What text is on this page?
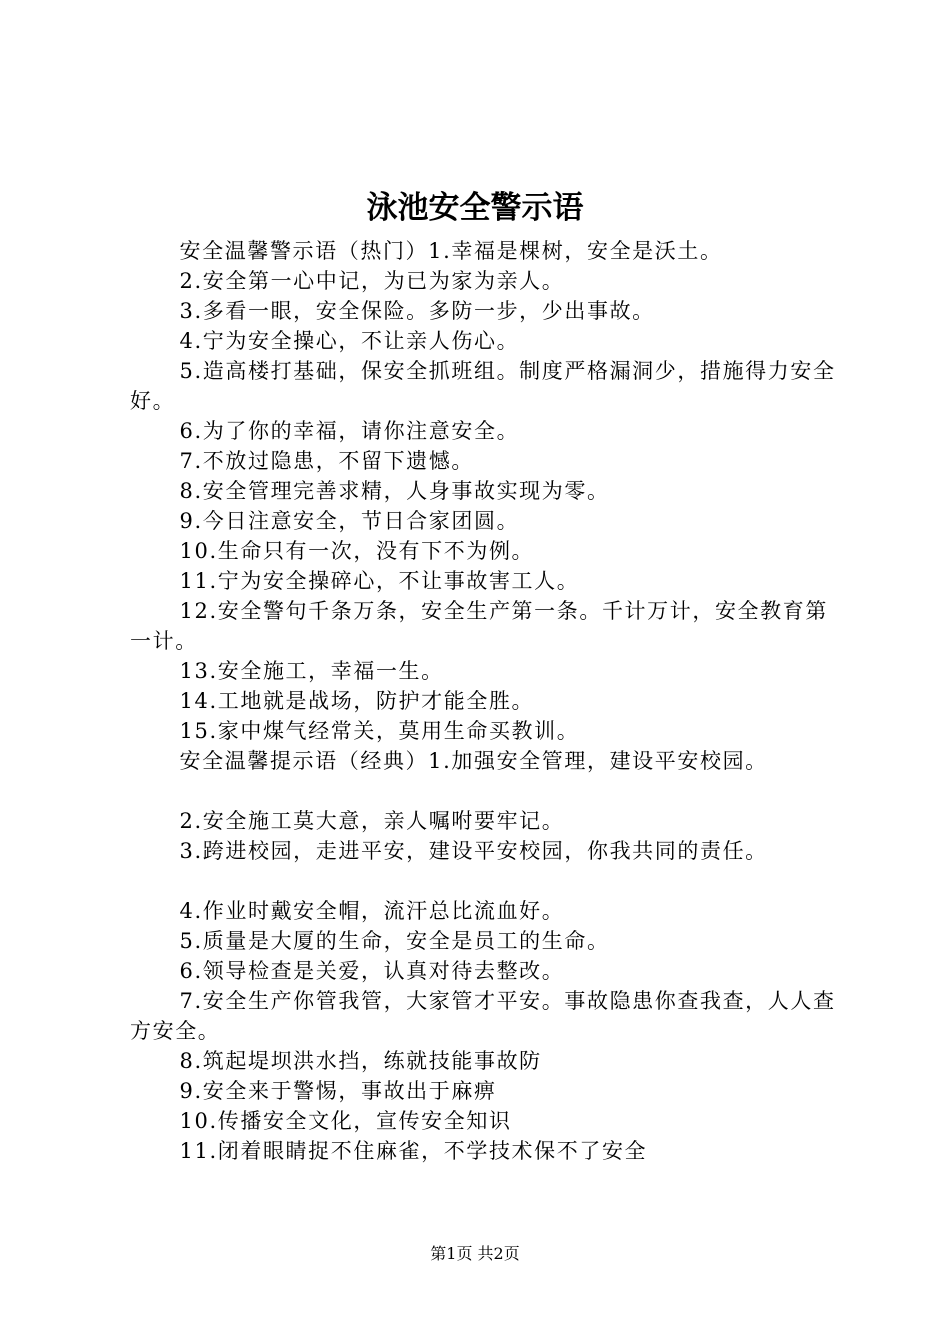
泳池安全警示语

安全温馨警示语（热门）1.幸福是棵树，安全是沃土。

2.安全第一心中记，为已为家为亲人。

3.多看一眼，安全保险。多防一步，少出事故。

4.宁为安全操心，不让亲人伤心。

5.造高楼打基础，保安全抓班组。制度严格漏洞少，措施得力安全好。

6.为了你的幸福，请你注意安全。

7.不放过隐患，不留下遗憾。

8.安全管理完善求精，人身事故实现为零。

9.今日注意安全，节日合家团圆。

10.生命只有一次，没有下不为例。

11.宁为安全操碎心，不让事故害工人。

12.安全警句千条万条，安全生产第一条。千计万计，安全教育第一计。

13.安全施工，幸福一生。

14.工地就是战场，防护才能全胜。

15.家中煤气经常关，莫用生命买教训。

安全温馨提示语（经典）1.加强安全管理，建设平安校园。

2.安全施工莫大意，亲人嘱咐要牢记。

3.跨进校园，走进平安，建设平安校园，你我共同的责任。

4.作业时戴安全帽，流汗总比流血好。

5.质量是大厦的生命，安全是员工的生命。

6.领导检查是关爱，认真对待去整改。

7.安全生产你管我管，大家管才平安。事故隐患你查我查，人人查方安全。

8.筑起堤坝洪水挡，练就技能事故防

9.安全来于警惕，事故出于麻痹

10.传播安全文化，宣传安全知识

11.闭着眼睛捉不住麻雀，不学技术保不了安全

第1页 共2页
